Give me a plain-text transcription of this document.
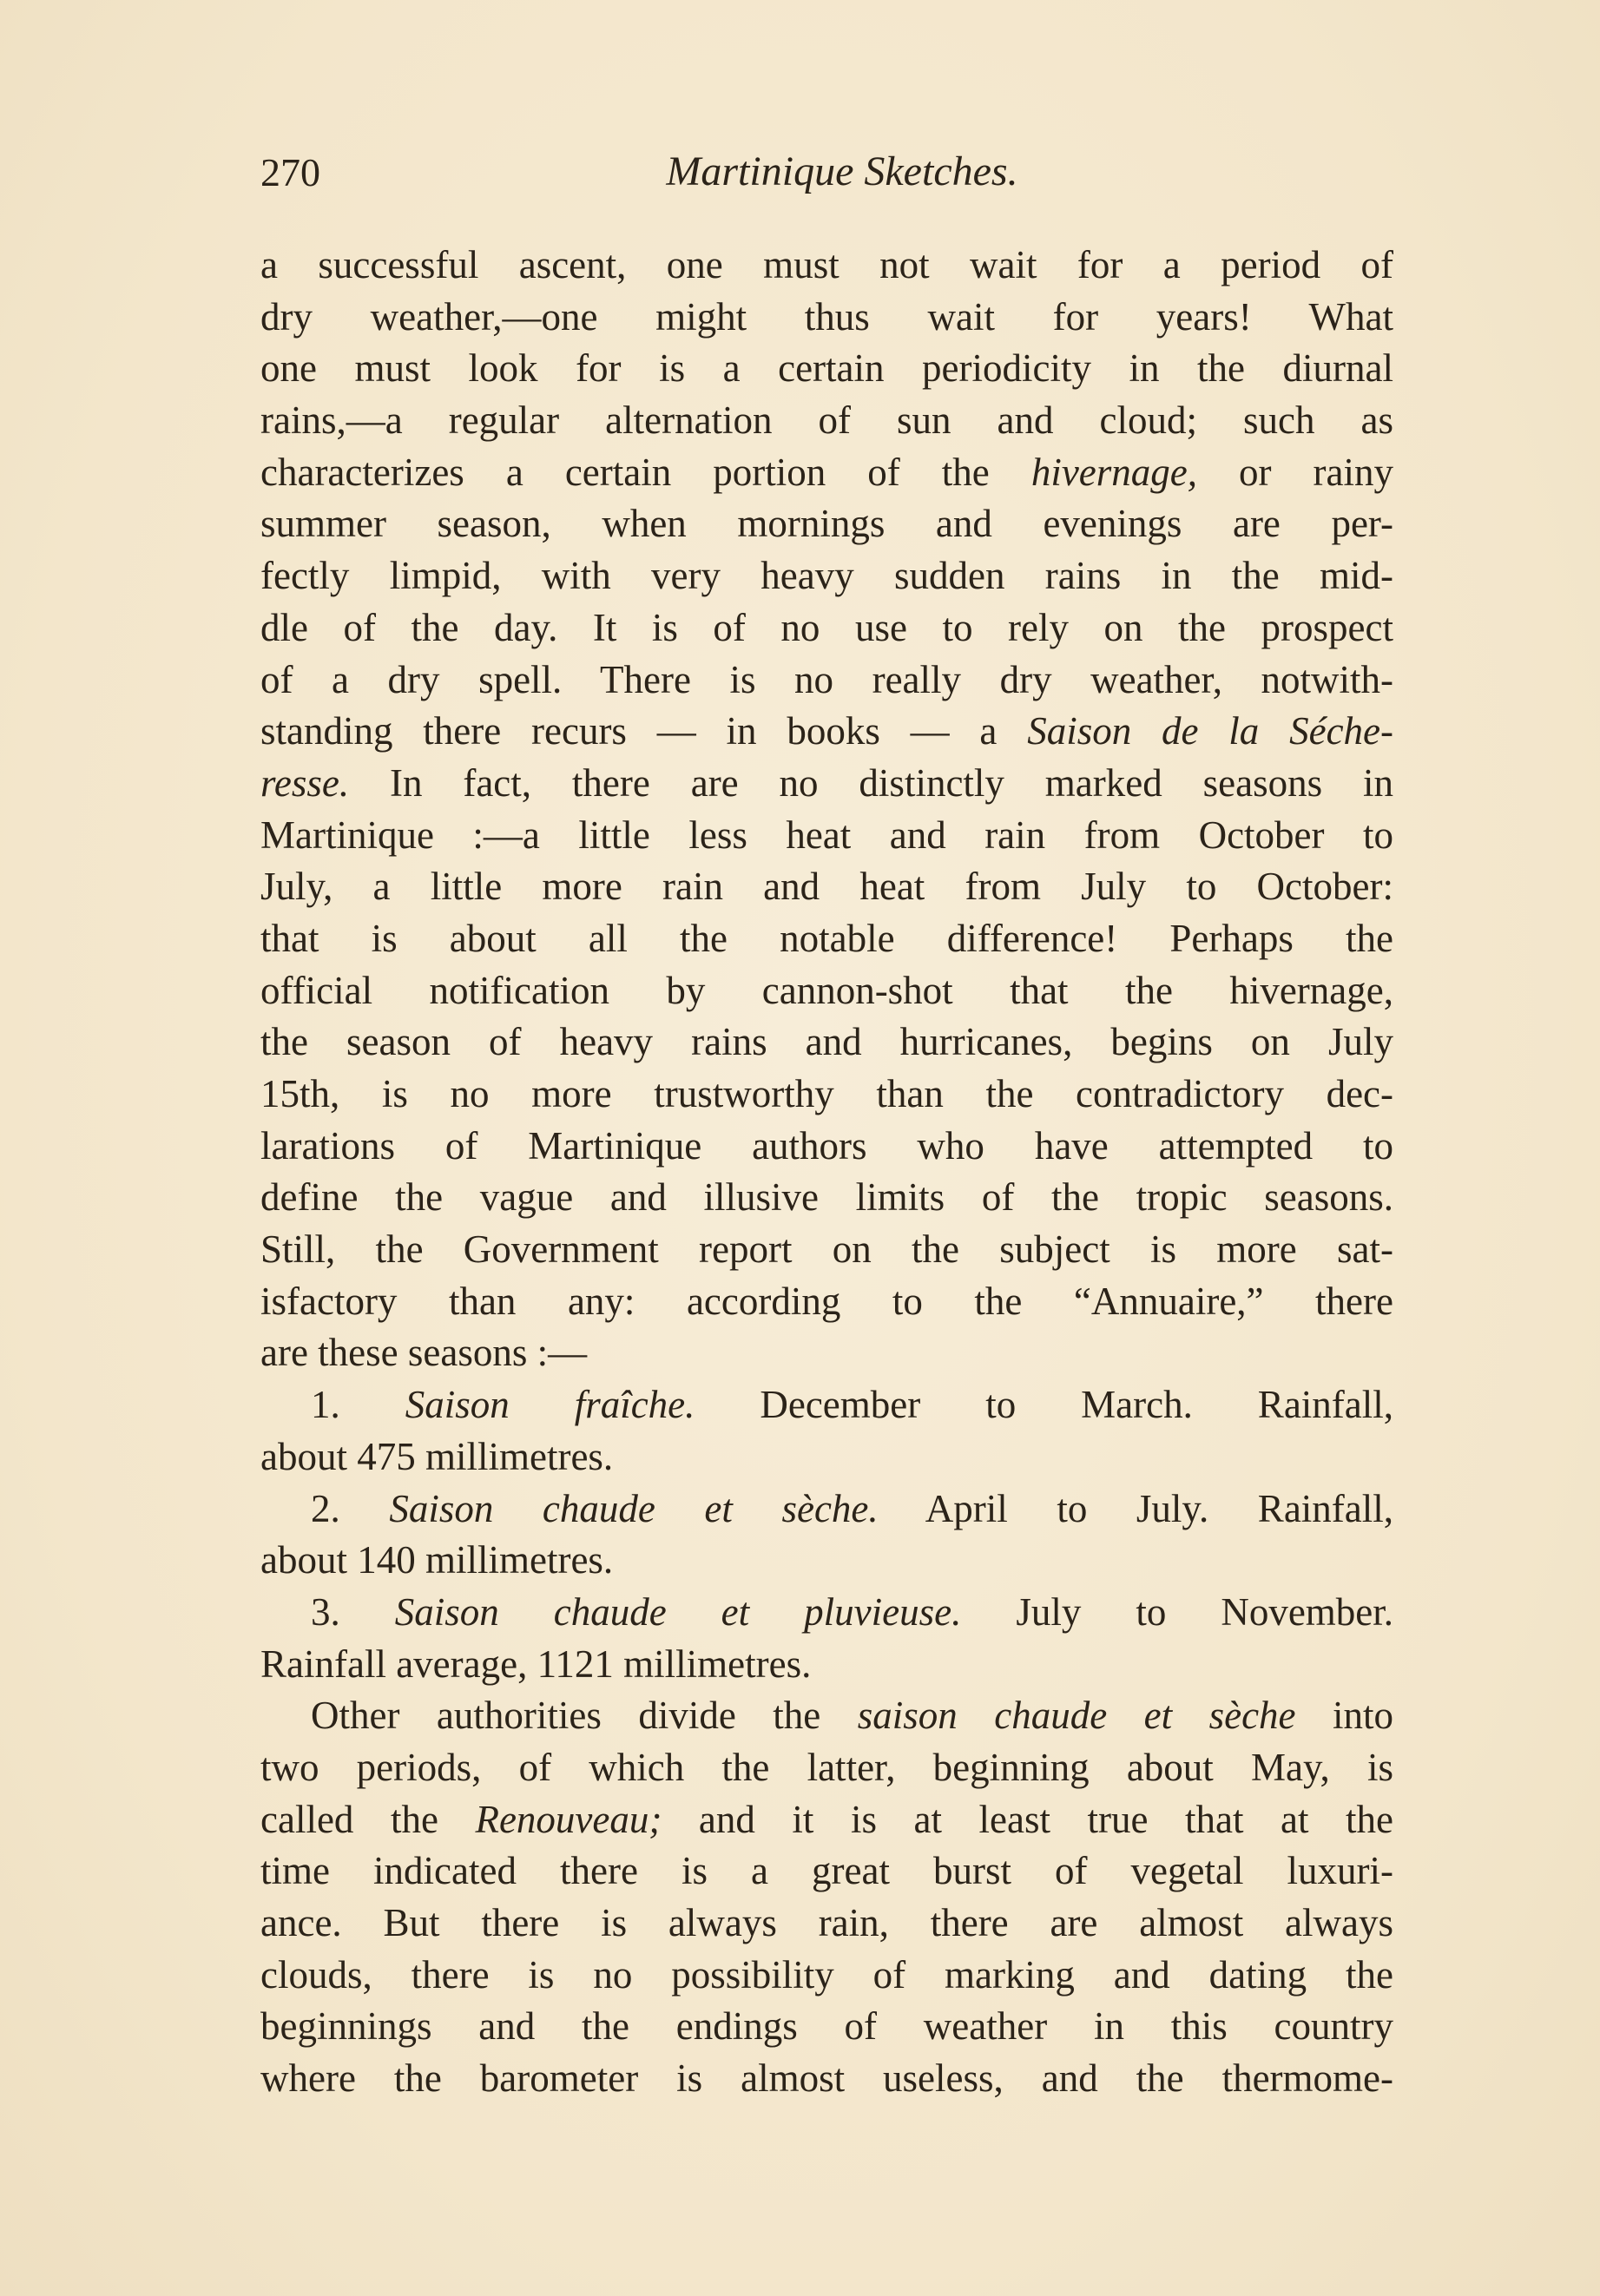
270	Martinique Sketches.
a successful ascent, one must not wait for a period of
dry weather,—one might thus wait for years! What
one must look for is a certain periodicity in the diurnal
rains,—a regular alternation of sun and cloud; such as
characterizes a certain portion of the hivernage, or rainy
summer season, when mornings and evenings are per-
fectly limpid, with very heavy sudden rains in the mid-
dle of the day. It is of no use to rely on the prospect
of a dry spell. There is no really dry weather, notwith-
standing there recurs — in books — a Saison de la Séche-
resse. In fact, there are no distinctly marked seasons in
Martinique :—a little less heat and rain from October to
July, a little more rain and heat from July to October:
that is about all the notable difference! Perhaps the
official notification by cannon-shot that the hivernage,
the season of heavy rains and hurricanes, begins on July
15th, is no more trustworthy than the contradictory dec-
larations of Martinique authors who have attempted to
define the vague and illusive limits of the tropic seasons.
Still, the Government report on the subject is more sat-
isfactory than any: according to the “Annuaire,” there
are these seasons :—
1. Saison fraîche. December to March. Rainfall,
about 475 millimetres.
2. Saison chaude et sèche. April to July. Rainfall,
about 140 millimetres.
3. Saison chaude et pluvieuse. July to November.
Rainfall average, 1121 millimetres.
Other authorities divide the saison chaude et sèche into
two periods, of which the latter, beginning about May, is
called the Renouveau; and it is at least true that at the
time indicated there is a great burst of vegetal luxuri-
ance. But there is always rain, there are almost always
clouds, there is no possibility of marking and dating the
beginnings and the endings of weather in this country
where the barometer is almost useless, and the thermome-
